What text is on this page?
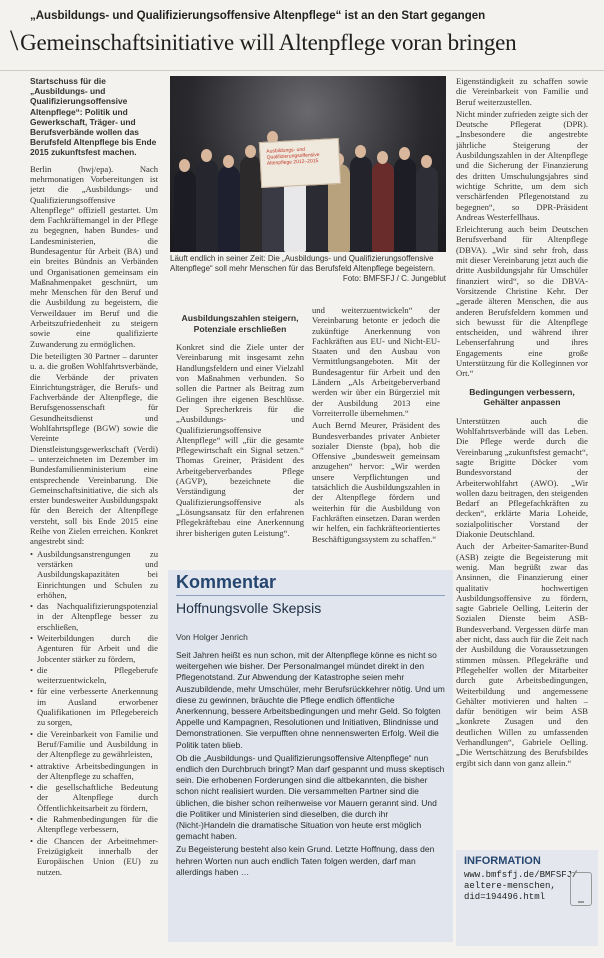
„Ausbildungs- und Qualifizierungsoffensive Altenpflege“ ist an den Start gegangen
\Gemeinschaftsinitiative will Altenpflege voran bringen

Startschuss für die „Ausbildungs- und Qualifizierungsoffensive Altenpflege“: Politik und Gewerkschaft, Träger- und Berufsverbände wollen das Berufsfeld Altenpflege bis Ende 2015 zukunftsfest machen.

Berlin (hwj/epa). Nach mehrmonatigen Vorbereitungen ist jetzt die „Ausbildungs- und Qualifizierungsoffensive Altenpflege“ offiziell gestartet. Um dem Fachkräftemangel in der Pflege zu begegnen, haben Bundes- und Landesministerien, die Bundesagentur für Arbeit (BA) und ein breites Bündnis an Verbänden und Organisationen gemeinsam ein Maßnahmenpaket geschnürt, um mehr Menschen für den Beruf und die Ausbildung zu begeistern, die Verweildauer im Beruf und die Arbeitszufriedenheit zu steigern sowie eine qualifizierte Zuwanderung zu ermöglichen.

Die beteiligten 30 Partner – darunter u. a. die großen Wohlfahrtsverbände, die Verbände der privaten Einrichtungsträger, die Berufs- und Fachverbände der Altenpflege, die Berufsgenossenschaft für Gesundheitsdienst und Wohlfahrtspflege (BGW) sowie die Vereinte Dienstleistungsgewerkschaft (Verdi) – unterzeichneten im Dezember im Bundesfamilienministerium eine entsprechende Vereinbarung. Die Gemeinschaftsinitiative, die sich als erster bundesweiter Ausbildungspakt für den Bereich der Altenpflege versteht, soll bis Ende 2015 eine Reihe von Zielen erreichen. Konkret angestrebt sind:

• Ausbildungsanstrengungen zu verstärken und Ausbildungskapazitäten bei Einrichtungen und Schulen zu erhöhen,
• das Nachqualifizierungspotenzial in der Altenpflege besser zu erschließen,
• Weiterbildungen durch die Agenturen für Arbeit und die Jobcenter stärker zu fördern,
• die Pflegeberufe weiterzuentwickeln,
• für eine verbesserte Anerkennung im Ausland erworbener Qualifikationen im Pflegebereich zu sorgen,
• die Vereinbarkeit von Familie und Beruf/Familie und Ausbildung in der Altenpflege zu gewährleisten,
• attraktive Arbeitsbedingungen in der Altenpflege zu schaffen,
• die gesellschaftliche Bedeutung der Altenpflege durch Öffentlichkeitsarbeit zu fördern,
• die Rahmenbedingungen für die Altenpflege verbessern,
• die Chancen der Arbeitnehmer-Freizügigkeit innerhalb der Europäischen Union (EU) zu nutzen.
Ausbildungs- und Qualifizierungsoffensive Altenpflege 2012–2015
Läuft endlich in seiner Zeit: Die „Ausbildungs- und Qualifizierungsoffensive Altenpflege“ soll mehr Menschen für das Berufsfeld Altenpflege begeistern.
Foto: BMFSFJ / C. Jungeblut

Ausbildungszahlen steigern, Potenziale erschließen

Konkret sind die Ziele unter der Vereinbarung mit insgesamt zehn Handlungsfeldern und einer Vielzahl von Maßnahmen verbunden. So sollen die Partner als Beitrag zum Gelingen ihre eigenen Beschlüsse. Der Sprecherkreis für die „Ausbildungs- und Qualifizierungsoffensive Altenpflege“ will „für die gesamte Pflegewirtschaft ein Signal setzen.“ Thomas Greiner, Präsident des Arbeitgeberverbandes Pflege (AGVP), bezeichnete die Verständigung der Qualifizierungsoffensive als „Lösungsansatz für den erfahrenen Pflegekräftebau eine Anerkennung ihrer bisherigen guten Leistung“.

und weiterzuentwickeln“ der Vereinbarung betonte er jedoch die zukünftige Anerkennung von Fachkräften aus EU- und Nicht-EU-Staaten und den Ausbau von Vermittlungsangeboten. Mit der Bundesagentur für Arbeit und den Ländern „Als Arbeitgeberverband werden wir über ein Bürgerziel mit der Ausbildung 2013 eine Vorreiterrolle übernehmen.“

Auch Bernd Meurer, Präsident des Bundesverbandes privater Anbieter sozialer Dienste (bpa), hob die Offensive „bundesweit gemeinsam anzugehen“ hervor: „Wir werden unsere Verpflichtungen und tatsächlich die Ausbildungszahlen in der Altenpflege fördern und weiterhin für die Ausbildung von Fachkräften einsetzen. Daran werden wir helfen, ein fachkräfteorientiertes Beschäftigungssystem zu schaffen.“

Eigenständigkeit zu schaffen sowie die Vereinbarkeit von Familie und Beruf weiterzustellen.

Nicht minder zufrieden zeigte sich der Deutsche Pflegerat (DPR). „Insbesondere die angestrebte jährliche Steigerung der Ausbildungszahlen in der Altenpflege und die Sicherung der Finanzierung des dritten Umschulungsjahres sind wichtige Schritte, um dem sich verschärfenden Pflegenotstand zu begegnen“, so DPR-Präsident Andreas Westerfellhaus.

Erleichterung auch beim Deutschen Berufsverband für Altenpflege (DBVA). „Wir sind sehr froh, dass mit dieser Vereinbarung jetzt auch die dritte Ausbildungsjahr für Umschüler finanziert wird“, so die DBVA-Vorsitzende Christine Kehr. Der „gerade älteren Menschen, die aus anderen Berufsfeldern kommen und sich bewusst für die Altenpflege entscheiden, und während ihrer Lebenserfahrung und ihres Engagements eine große Unterstützung für die Kolleginnen vor Ort.“

Bedingungen verbessern, Gehälter anpassen

Unterstützen auch die Wohlfahrtsverbände will das Leben. Die Pflege werde durch die Vereinbarung „zukunftsfest gemacht“, sagte Brigitte Döcker vom Bundesvorstand der Arbeiterwohlfahrt (AWO). „Wir wollen dazu beitragen, den steigenden Bedarf an Pflegefachkräften zu decken“, erklärte Maria Loheide, sozialpolitischer Vorstand der Diakonie Deutschland.

Auch der Arbeiter-Samariter-Bund (ASB) zeigte die Begeisterung mit wenig. Man begrüßt zwar das Ansinnen, die Finanzierung einer qualitativ hochwertigen Ausbildungsoffensive zu fördern, sagte Gabriele Oelling, Leiterin der Sozialen Dienste beim ASB-Bundesverband. Vergessen dürfe man aber nicht, dass auch für die Zeit nach der Ausbildung die Voraussetzungen stimmen müssen. Pflegekräfte und Pflegehelfer wollen der Mitarbeiter durch gute Arbeitsbedingungen, Weiterbildung und angemessene Gehälter motivieren und halten – dafür benötigen wir beim ASB „konkrete Zusagen und den deutlichen Willen zu umfassenden Verhandlungen“, Gabriele Oelling. „Die Wertschätzung des Berufsbildes ergibt sich dann von ganz allein.“

Kommentar
Hoffnungsvolle Skepsis
Von Holger Jenrich

Seit Jahren heißt es nun schon, mit der Altenpflege könne es nicht so weitergehen wie bisher. Der Personalmangel mündet direkt in den Pflegenotstand. Zur Abwendung der Katastrophe seien mehr Auszubildende, mehr Umschüler, mehr Berufsrückkehrer nötig. Und um diese zu gewinnen, bräuchte die Pflege endlich öffentliche Anerkennung, bessere Arbeitsbedingungen und mehr Geld. So folgten Appelle und Kampagnen, Resolutionen und Initiativen, Blindnisse und Demonstrationen. Sie verpufften ohne nennenswerten Erfolg. Weil die Politik taten blieb.

Ob die „Ausbildungs- und Qualifizierungsoffensive Altenpflege“ nun endlich den Durchbruch bringt? Man darf gespannt und muss skeptisch sein. Die erhobenen Forderungen sind die altbekannten, die bisher schon nicht realisiert wurden. Die versammelten Partner sind die üblichen, die bisher schon reihenweise vor Mauern gerannt sind. Und die Politiker und Ministerien sind dieselben, die durch ihr (Nicht-)Handeln die dramatische Situation von heute erst möglich gemacht haben.

Zu Begeisterung besteht also kein Grund. Letzte Hoffnung, dass den hehren Worten nun auch endlich Taten folgen werden, darf man allerdings haben …

INFORMATION
www.bmfsfj.de/BMFSFJ/
aeltere-menschen,
did=194496.html
